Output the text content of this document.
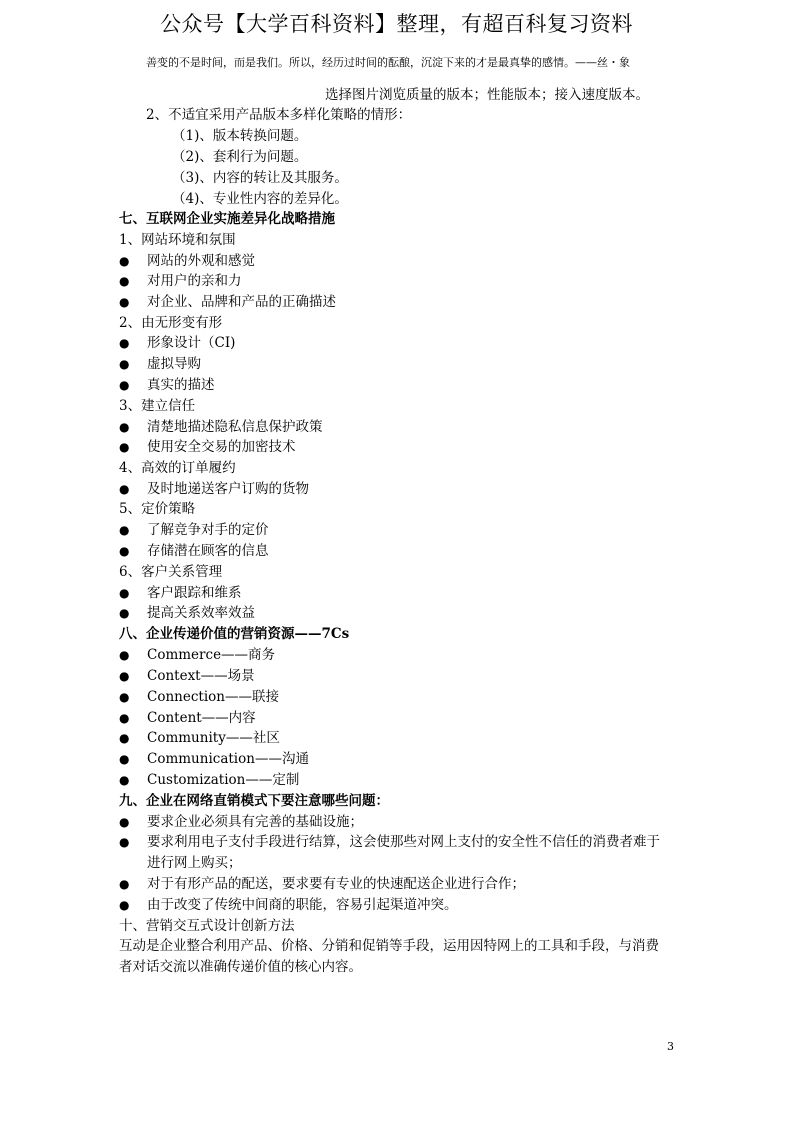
公众号【大学百科资料】整理，有超百科复习资料
善变的不是时间，而是我们。所以，经历过时间的酝酿，沉淀下来的才是最真挚的感情。——丝・象
选择图片浏览质量的版本；性能版本；接入速度版本。
2、不适宜采用产品版本多样化策略的情形：
（1)、版本转换问题。
（2)、套利行为问题。
（3)、内容的转让及其服务。
（4)、专业性内容的差异化。
七、互联网企业实施差异化战略措施
1、网站环境和氛围
● 网站的外观和感觉
● 对用户的亲和力
● 对企业、品牌和产品的正确描述
2、由无形变有形
● 形象设计（CI)
● 虚拟导购
● 真实的描述
3、建立信任
● 清楚地描述隐私信息保护政策
● 使用安全交易的加密技术
4、高效的订单履约
● 及时地递送客户订购的货物
5、定价策略
● 了解竞争对手的定价
● 存储潜在顾客的信息
6、客户关系管理
● 客户跟踪和维系
● 提高关系效率效益
八、企业传递价值的营销资源——7Cs
● Commerce——商务
● Context——场景
● Connection——联接
● Content——内容
● Community——社区
● Communication——沟通
● Customization——定制
九、企业在网络直销模式下要注意哪些问题：
● 要求企业必须具有完善的基础设施；
● 要求利用电子支付手段进行结算，这会使那些对网上支付的安全性不信任的消费者难于
进行网上购买；
● 对于有形产品的配送，要求要有专业的快速配送企业进行合作；
● 由于改变了传统中间商的职能，容易引起渠道冲突。
十、营销交互式设计创新方法
互动是企业整合利用产品、价格、分销和促销等手段，运用因特网上的工具和手段，与消费
者对话交流以准确传递价值的核心内容。
3
